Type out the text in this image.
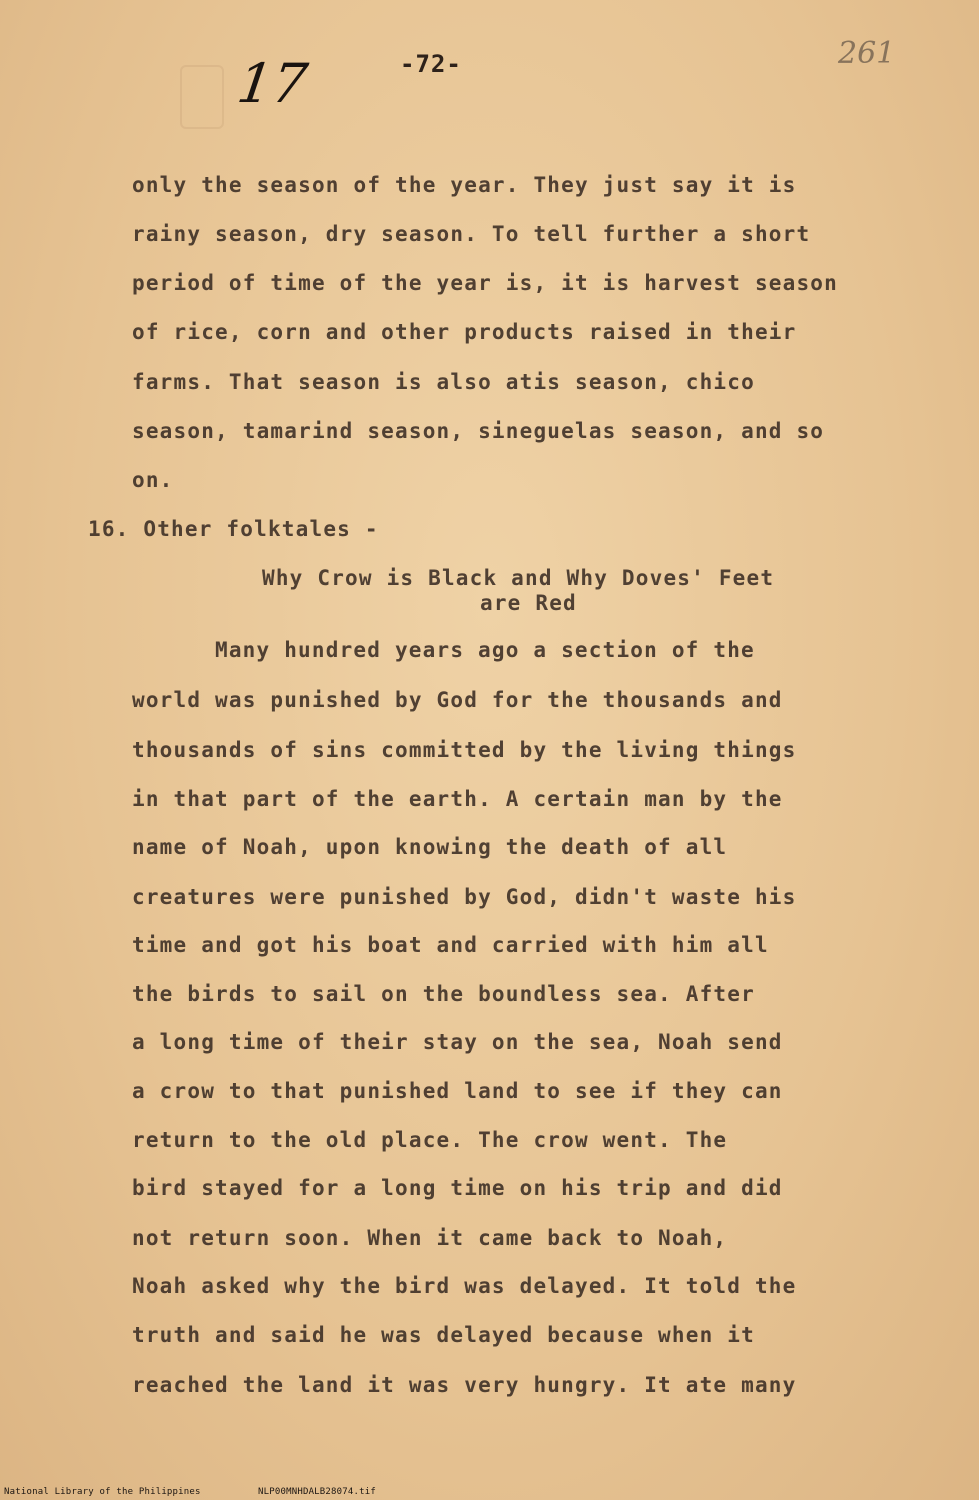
17	-72-	261
only the season of the year. They just say it is
rainy season, dry season. To tell further a short
period of time of the year is, it is harvest season
of rice, corn and other products raised in their
farms. That season is also atis season, chico
season, tamarind season, sineguelas season, and so
on.
16. Other folktales -
Why Crow is Black and Why Doves' Feet
are Red
Many hundred years ago a section of the
world was punished by God for the thousands and
thousands of sins committed by the living things
in that part of the earth. A certain man by the
name of Noah, upon knowing the death of all
creatures were punished by God, didn't waste his
time and got his boat and carried with him all
the birds to sail on the boundless sea. After
a long time of their stay on the sea, Noah send
a crow to that punished land to see if they can
return to the old place. The crow went. The
bird stayed for a long time on his trip and did
not return soon. When it came back to Noah,
Noah asked why the bird was delayed. It told the
truth and said he was delayed because when it
reached the land it was very hungry. It ate many
National Library of the Philippines	NLP00MNHDALB28074.tif
